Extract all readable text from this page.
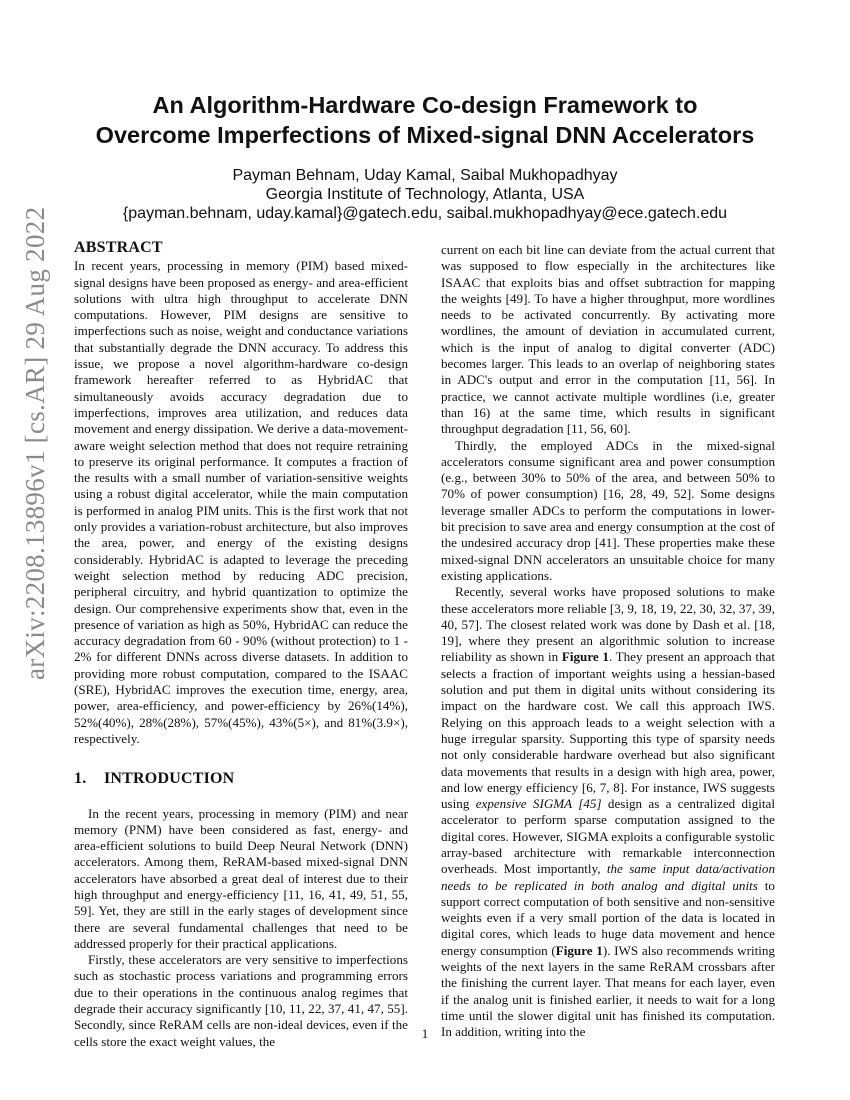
arXiv:2208.13896v1 [cs.AR] 29 Aug 2022
An Algorithm-Hardware Co-design Framework to
Overcome Imperfections of Mixed-signal DNN Accelerators
Payman Behnam, Uday Kamal, Saibal Mukhopadhyay
Georgia Institute of Technology, Atlanta, USA
{payman.behnam, uday.kamal}@gatech.edu, saibal.mukhopadhyay@ece.gatech.edu
ABSTRACT

In recent years, processing in memory (PIM) based mixed-signal designs have been proposed as energy- and area-efficient solutions with ultra high throughput to accelerate DNN computations. However, PIM designs are sensitive to imperfections such as noise, weight and conductance variations that substantially degrade the DNN accuracy. To address this issue, we propose a novel algorithm-hardware co-design framework hereafter referred to as HybridAC that simultaneously avoids accuracy degradation due to imperfections, improves area utilization, and reduces data movement and energy dissipation. We derive a data-movement-aware weight selection method that does not require retraining to preserve its original performance. It computes a fraction of the results with a small number of variation-sensitive weights using a robust digital accelerator, while the main computation is performed in analog PIM units. This is the first work that not only provides a variation-robust architecture, but also improves the area, power, and energy of the existing designs considerably. HybridAC is adapted to leverage the preceding weight selection method by reducing ADC precision, peripheral circuitry, and hybrid quantization to optimize the design. Our comprehensive experiments show that, even in the presence of variation as high as 50%, HybridAC can reduce the accuracy degradation from 60 - 90% (without protection) to 1 - 2% for different DNNs across diverse datasets. In addition to providing more robust computation, compared to the ISAAC (SRE), HybridAC improves the execution time, energy, area, power, area-efficiency, and power-efficiency by 26%(14%), 52%(40%), 28%(28%), 57%(45%), 43%(5×), and 81%(3.9×), respectively.

1. INTRODUCTION

In the recent years, processing in memory (PIM) and near memory (PNM) have been considered as fast, energy- and area-efficient solutions to build Deep Neural Network (DNN) accelerators. Among them, ReRAM-based mixed-signal DNN accelerators have absorbed a great deal of interest due to their high throughput and energy-efficiency [11, 16, 41, 49, 51, 55, 59]. Yet, they are still in the early stages of development since there are several fundamental challenges that need to be addressed properly for their practical applications.

Firstly, these accelerators are very sensitive to imperfections such as stochastic process variations and programming errors due to their operations in the continuous analog regimes that degrade their accuracy significantly [10, 11, 22, 37, 41, 47, 55]. Secondly, since ReRAM cells are non-ideal devices, even if the cells store the exact weight values, the

current on each bit line can deviate from the actual current that was supposed to flow especially in the architectures like ISAAC that exploits bias and offset subtraction for mapping the weights [49]. To have a higher throughput, more wordlines needs to be activated concurrently. By activating more wordlines, the amount of deviation in accumulated current, which is the input of analog to digital converter (ADC) becomes larger. This leads to an overlap of neighboring states in ADC's output and error in the computation [11, 56]. In practice, we cannot activate multiple wordlines (i.e, greater than 16) at the same time, which results in significant throughput degradation [11, 56, 60].

Thirdly, the employed ADCs in the mixed-signal accelerators consume significant area and power consumption (e.g., between 30% to 50% of the area, and between 50% to 70% of power consumption) [16, 28, 49, 52]. Some designs leverage smaller ADCs to perform the computations in lower-bit precision to save area and energy consumption at the cost of the undesired accuracy drop [41]. These properties make these mixed-signal DNN accelerators an unsuitable choice for many existing applications.

Recently, several works have proposed solutions to make these accelerators more reliable [3, 9, 18, 19, 22, 30, 32, 37, 39, 40, 57]. The closest related work was done by Dash et al. [18, 19], where they present an algorithmic solution to increase reliability as shown in Figure 1. They present an approach that selects a fraction of important weights using a hessian-based solution and put them in digital units without considering its impact on the hardware cost. We call this approach IWS. Relying on this approach leads to a weight selection with a huge irregular sparsity. Supporting this type of sparsity needs not only considerable hardware overhead but also significant data movements that results in a design with high area, power, and low energy efficiency [6, 7, 8]. For instance, IWS suggests using expensive SIGMA [45] design as a centralized digital accelerator to perform sparse computation assigned to the digital cores. However, SIGMA exploits a configurable systolic array-based architecture with remarkable interconnection overheads. Most importantly, the same input data/activation needs to be replicated in both analog and digital units to support correct computation of both sensitive and non-sensitive weights even if a very small portion of the data is located in digital cores, which leads to huge data movement and hence energy consumption (Figure 1). IWS also recommends writing weights of the next layers in the same ReRAM crossbars after the finishing the current layer. That means for each layer, even if the analog unit is finished earlier, it needs to wait for a long time until the slower digital unit has finished its computation. In addition, writing into the

1
